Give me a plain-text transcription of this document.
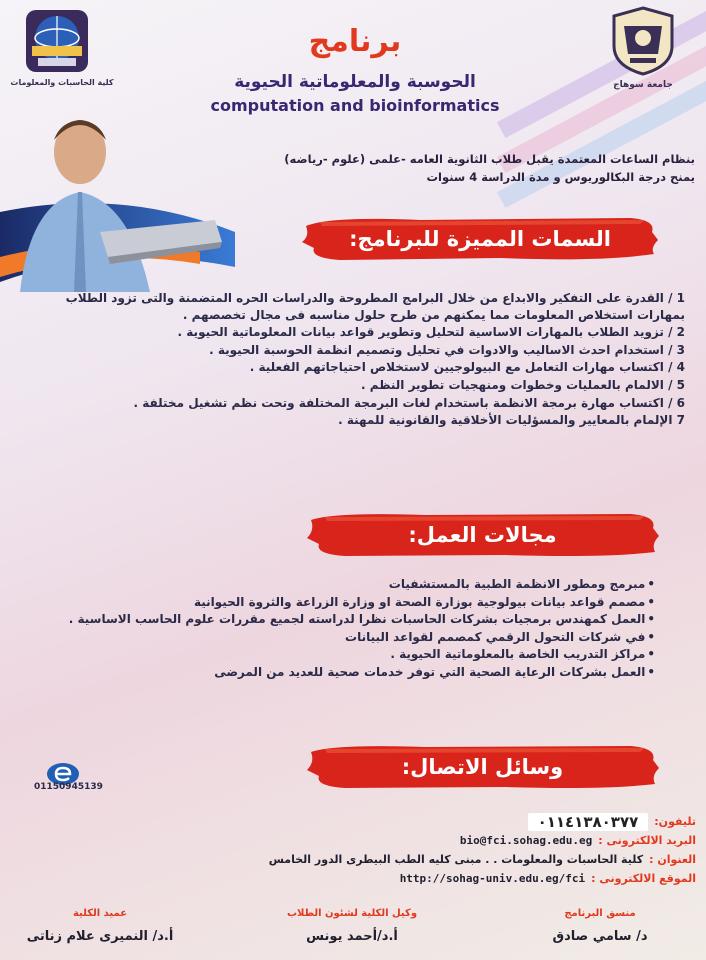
كلية الحاسبات والمعلومات	جامعة سوهاج
برنامج
الحوسبة والمعلوماتية الحيوية
computation and bioinformatics
بنظام الساعات المعتمدة يقبل طلاب الثانوية العامه -علمى (علوم -رياضه)
يمنح درجة البكالوريوس و مدة الدراسة 4 سنوات
السمات المميزة للبرنامج:
1 / القدرة على التفكير والابداع من خلال البرامج المطروحة والدراسات الحره المتضمنة والتى تزود الطلاب بمهارات استخلاص المعلومات مما يمكنهم من طرح حلول مناسبه فى مجال تخصصهم .
2 / تزويد الطلاب بالمهارات الاساسية لتحليل وتطوير قواعد بيانات المعلوماتية الحيوية .
3 / استخدام احدث الاساليب والادوات في تحليل وتصميم انظمة الحوسبة الحيوية .
4 / اكتساب مهارات التعامل مع البيولوجيين لاستخلاص احتياجاتهم الفعلية .
5 / الالمام بالعمليات وخطوات ومنهجيات تطوير النظم .
6 / اكتساب مهارة برمجة الانظمة باستخدام لغات البرمجة المختلفة وتحت نظم تشغيل مختلفة .
7 الإلمام بالمعايير والمسؤليات الأخلاقية والقانونية للمهنة .
مجالات العمل:
• مبرمج ومطور الانظمة الطبية بالمستشفيات
• مصمم قواعد بيانات بيولوجية بوزارة الصحة او وزارة الزراعة والثروة الحيوانية
• العمل كمهندس برمجيات بشركات الحاسبات نظرا لدراسته لجميع مقررات علوم الحاسب الاساسية .
• في شركات التحول الرقمي كمصمم لقواعد البيانات
• مراكز التدريب الخاصة بالمعلوماتية الحيوية .
• العمل بشركات الرعاية الصحية التي توفر خدمات صحية للعديد من المرضى
وسائل الاتصال:
01150945139
تليفون:
٠١١٤١٣٨٠٣٧٧
البريد الالكترونى :
bio@fci.sohag.edu.eg
العنوان :
كلية الحاسبات والمعلومات . . مبنى كليه الطب البيطرى الدور الخامس
الموقع الالكترونى :
http://sohag-univ.edu.eg/fci
منسق البرنامج
د/ سامي صادق
وكيل الكلية لشئون الطلاب
أ.د/أحمد يونس
عميد الكلية
أ.د/ النميرى علام زناتى
